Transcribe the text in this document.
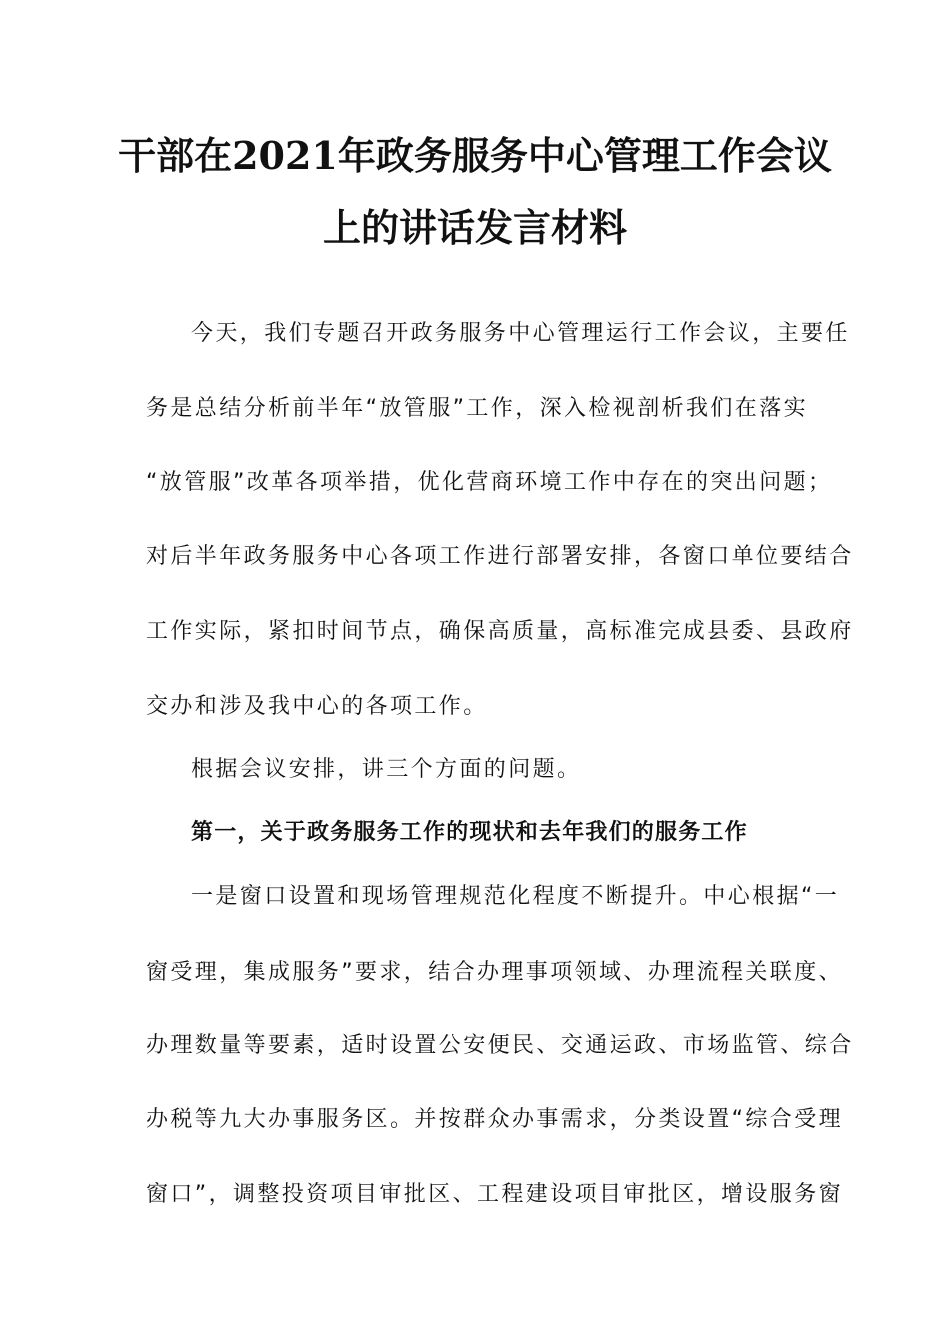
干部在2021年政务服务中心管理工作会议
上的讲话发言材料
今天，我们专题召开政务服务中心管理运行工作会议，主要任
务是总结分析前半年“放管服”工作，深入检视剖析我们在落实
“放管服”改革各项举措，优化营商环境工作中存在的突出问题；
对后半年政务服务中心各项工作进行部署安排，各窗口单位要结合
工作实际，紧扣时间节点，确保高质量，高标准完成县委、县政府
交办和涉及我中心的各项工作。
根据会议安排，讲三个方面的问题。
第一，关于政务服务工作的现状和去年我们的服务工作
一是窗口设置和现场管理规范化程度不断提升。中心根据“一
窗受理，集成服务”要求，结合办理事项领域、办理流程关联度、
办理数量等要素，适时设置公安便民、交通运政、市场监管、综合
办税等九大办事服务区。并按群众办事需求，分类设置“综合受理
窗口”，调整投资项目审批区、工程建设项目审批区，增设服务窗
